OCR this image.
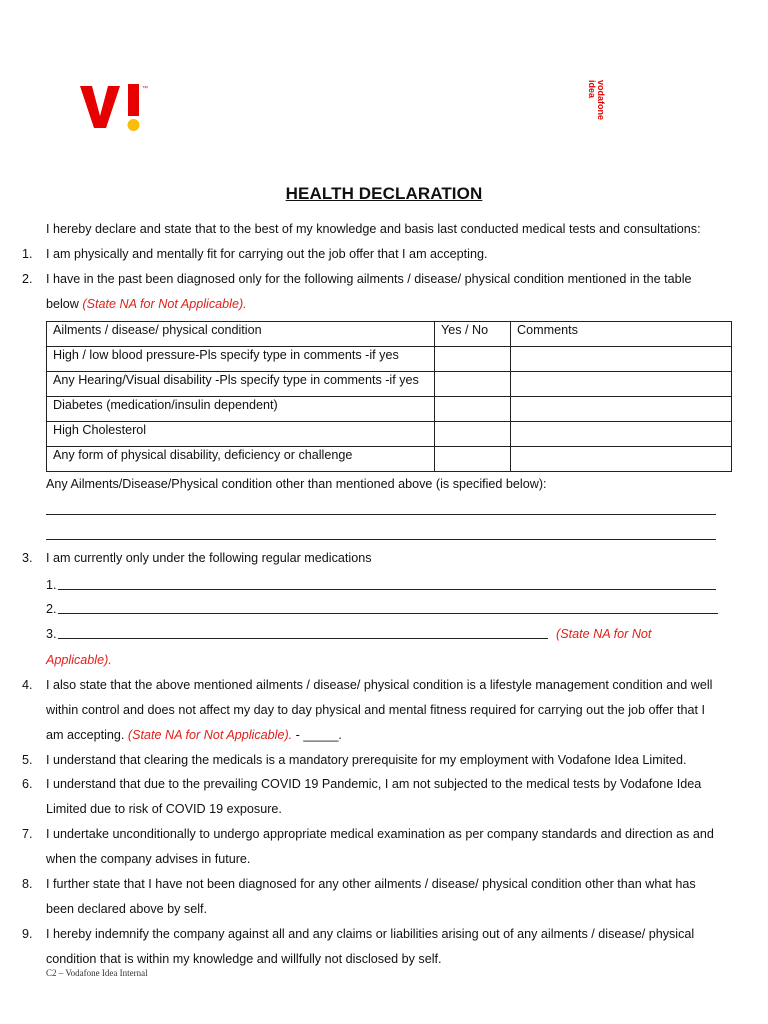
™	vodafone
idea
HEALTH DECLARATION
I hereby declare and state that to the best of my knowledge and basis last conducted medical tests and consultations:
1. I am physically and mentally fit for carrying out the job offer that I am accepting.
2. I have in the past been diagnosed only for the following ailments / disease/ physical condition mentioned in the table
below (State NA for Not Applicable).
Ailments / disease/ physical condition	Yes / No	Comments
High / low blood pressure-Pls specify type in comments -if yes		
Any Hearing/Visual disability -Pls specify type in comments -if yes		
Diabetes (medication/insulin dependent)		
High Cholesterol		
Any form of physical disability, deficiency or challenge		
Any Ailments/Disease/Physical condition other than mentioned above (is specified below):
3. I am currently only under the following regular medications
1.
2.
3.	(State NA for Not
Applicable).
4. I also state that the above mentioned ailments / disease/ physical condition is a lifestyle management condition and well
within control and does not affect my day to day physical and mental fitness required for carrying out the job offer that I
am accepting. (State NA for Not Applicable). - _____.
5. I understand that clearing the medicals is a mandatory prerequisite for my employment with Vodafone Idea Limited.
6. I understand that due to the prevailing COVID 19 Pandemic, I am not subjected to the medical tests by Vodafone Idea
Limited due to risk of COVID 19 exposure.
7. I undertake unconditionally to undergo appropriate medical examination as per company standards and direction as and
when the company advises in future.
8. I further state that I have not been diagnosed for any other ailments / disease/ physical condition other than what has
been declared above by self.
9. I hereby indemnify the company against all and any claims or liabilities arising out of any ailments / disease/ physical
condition that is within my knowledge and willfully not disclosed by self.
C2 – Vodafone Idea Internal
